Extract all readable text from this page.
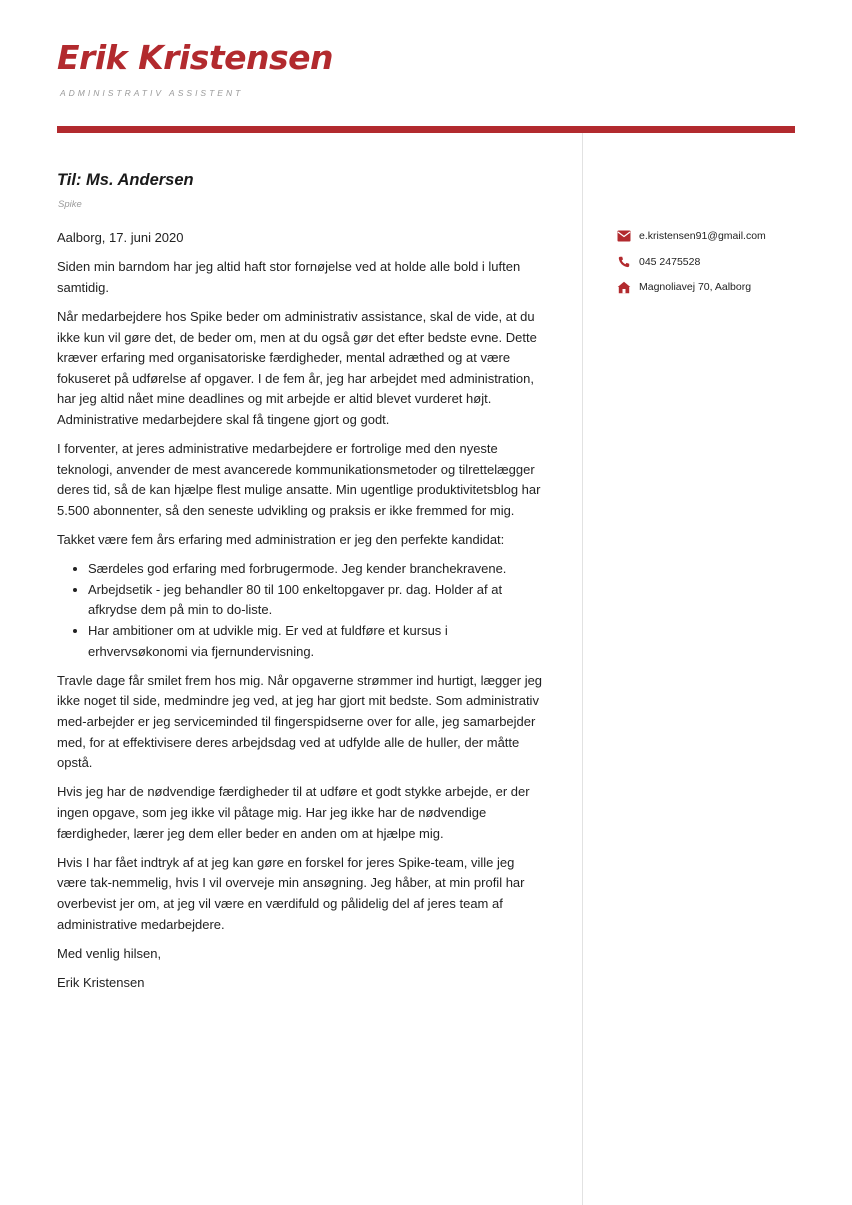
Erik Kristensen
ADMINISTRATIV ASSISTENT
Til: Ms. Andersen
Spike

Aalborg, 17. juni 2020

Siden min barndom har jeg altid haft stor fornøjelse ved at holde alle bold i luften samtidig.

Når medarbejdere hos Spike beder om administrativ assistance, skal de vide, at du ikke kun vil gøre det, de beder om, men at du også gør det efter bedste evne. Dette kræver erfaring med organisatoriske færdigheder, mental adræthed og at være fokuseret på udførelse af opgaver. I de fem år, jeg har arbejdet med administration, har jeg altid nået mine deadlines og mit arbejde er altid blevet vurderet højt. Administrative medarbejdere skal få tingene gjort og godt.

I forventer, at jeres administrative medarbejdere er fortrolige med den nyeste teknologi, anvender de mest avancerede kommunikationsmetoder og tilrettelægger deres tid, så de kan hjælpe flest mulige ansatte. Min ugentlige produktivitetsblog har 5.500 abonnenter, så den seneste udvikling og praksis er ikke fremmed for mig.

Takket være fem års erfaring med administration er jeg den perfekte kandidat:

• Særdeles god erfaring med forbrugermode. Jeg kender branchekravene.
• Arbejdsetik - jeg behandler 80 til 100 enkeltopgaver pr. dag. Holder af at afkrydse dem på min to do-liste.
• Har ambitioner om at udvikle mig. Er ved at fuldføre et kursus i erhvervsøkonomi via fjernundervisning.

Travle dage får smilet frem hos mig. Når opgaverne strømmer ind hurtigt, lægger jeg ikke noget til side, medmindre jeg ved, at jeg har gjort mit bedste. Som administrativ med-arbejder er jeg serviceminded til fingerspidserne over for alle, jeg samarbejder med, for at effektivisere deres arbejdsdag ved at udfylde alle de huller, der måtte opstå.

Hvis jeg har de nødvendige færdigheder til at udføre et godt stykke arbejde, er der ingen opgave, som jeg ikke vil påtage mig. Har jeg ikke har de nødvendige færdigheder, lærer jeg dem eller beder en anden om at hjælpe mig.

Hvis I har fået indtryk af at jeg kan gøre en forskel for jeres Spike-team, ville jeg være tak-nemmelig, hvis I vil overveje min ansøgning. Jeg håber, at min profil har overbevist jer om, at jeg vil være en værdifuld og pålidelig del af jeres team af administrative medarbejdere.

Med venlig hilsen,

Erik Kristensen

e.kristensen91@gmail.com
045 2475528
Magnoliavej 70, Aalborg
